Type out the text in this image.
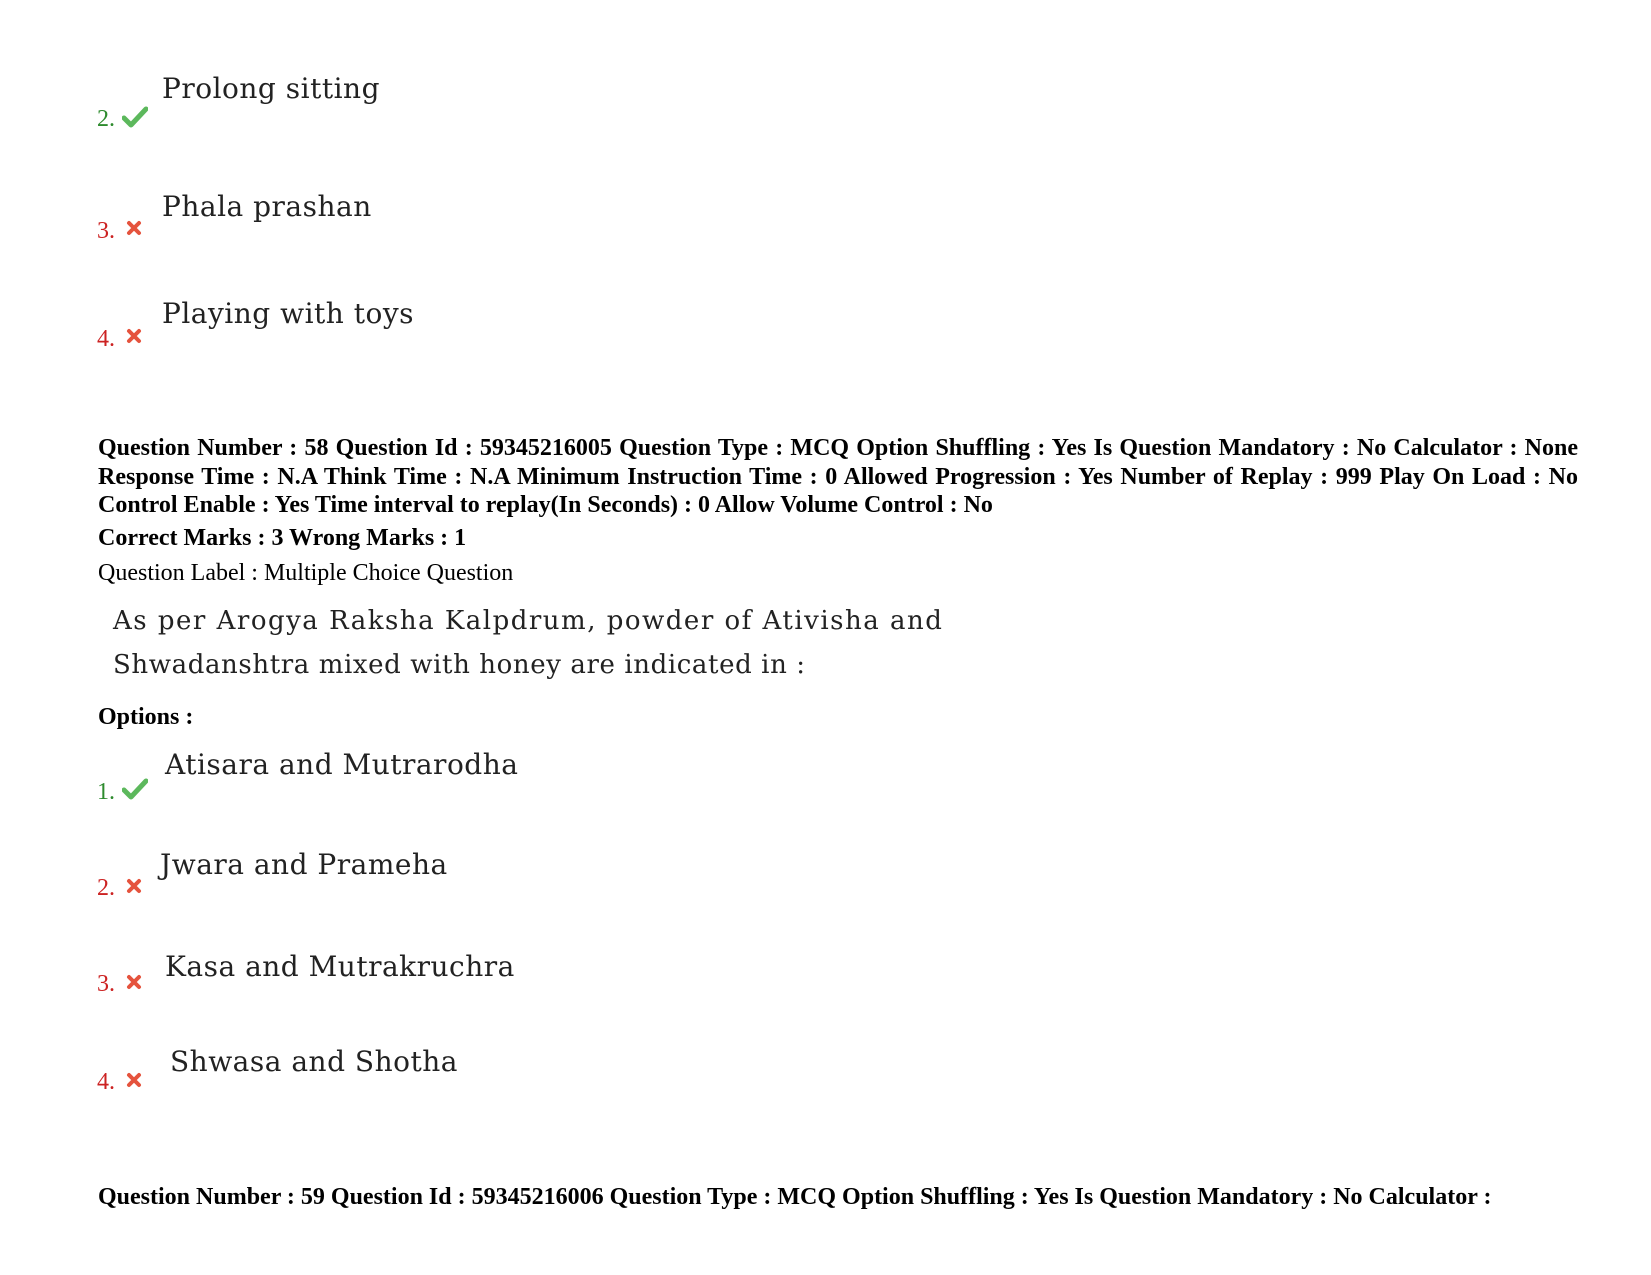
2.
Prolong sitting
3.
Phala prashan
4.
Playing with toys
Question Number : 58 Question Id : 59345216005 Question Type : MCQ Option Shuffling : Yes Is Question Mandatory : No Calculator : None Response Time : N.A Think Time : N.A Minimum Instruction Time : 0 Allowed Progression : Yes Number of Replay : 999 Play On Load : No Control Enable : Yes Time interval to replay(In Seconds) : 0 Allow Volume Control : No
Correct Marks : 3 Wrong Marks : 1
Question Label : Multiple Choice Question
As per Arogya Raksha Kalpdrum, powder of Ativisha and
Shwadanshtra mixed with honey are indicated in :
Options :
1.
Atisara and Mutrarodha
2.
Jwara and Prameha
3.
Kasa and Mutrakruchra
4.
Shwasa and Shotha
Question Number : 59 Question Id : 59345216006 Question Type : MCQ Option Shuffling : Yes Is Question Mandatory : No Calculator :
